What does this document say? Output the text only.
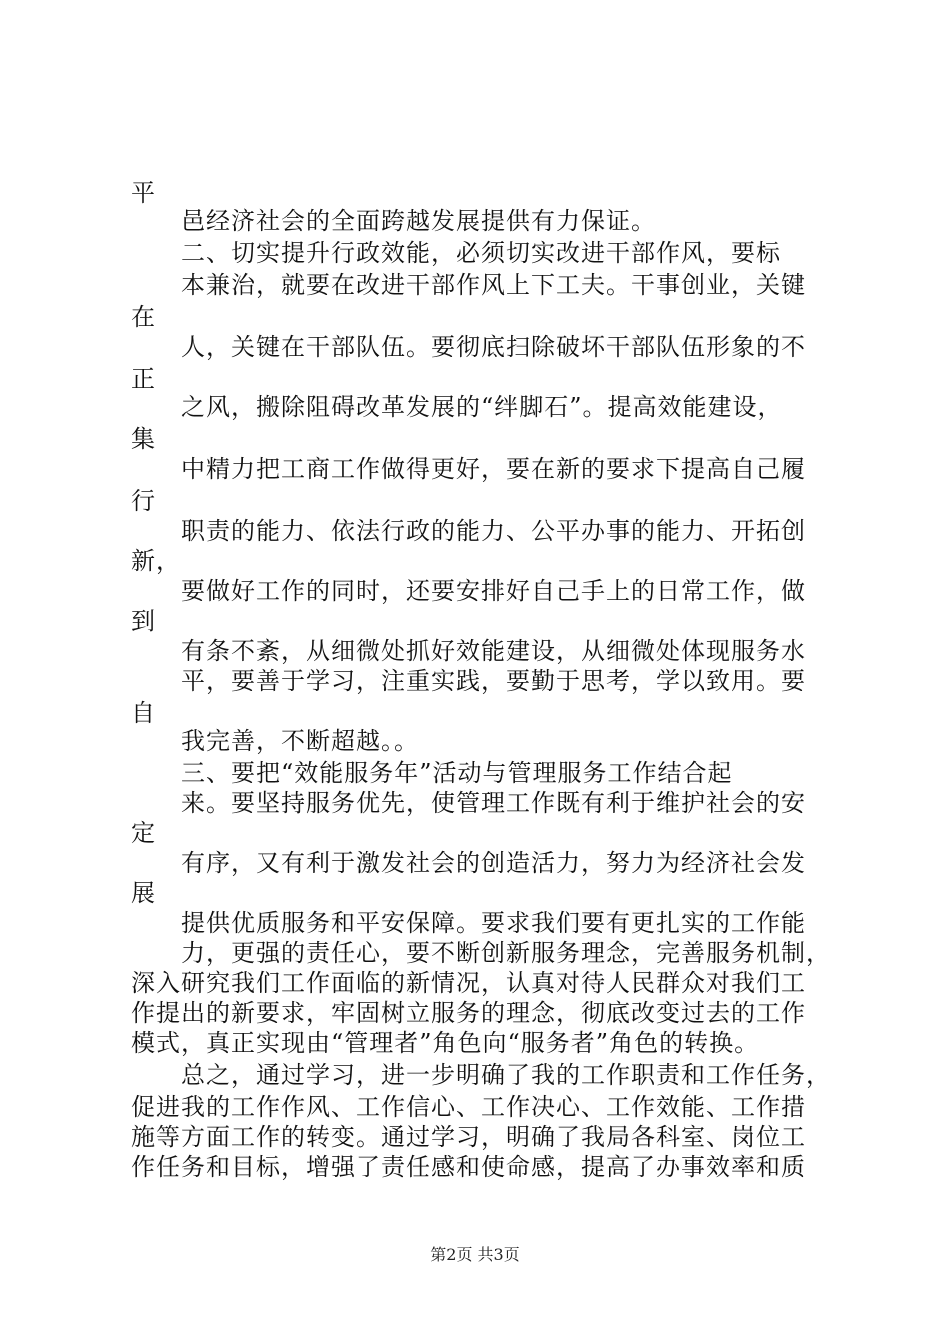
平
邑经济社会的全面跨越发展提供有力保证。
二、切实提升行政效能，必须切实改进干部作风，要标
本兼治，就要在改进干部作风上下工夫。干事创业，关键
在
人，关键在干部队伍。要彻底扫除破坏干部队伍形象的不
正
之风，搬除阻碍改革发展的“绊脚石”。提高效能建设，
集
中精力把工商工作做得更好，要在新的要求下提高自己履
行
职责的能力、依法行政的能力、公平办事的能力、开拓创
新，
要做好工作的同时，还要安排好自己手上的日常工作，做
到
有条不紊，从细微处抓好效能建设，从细微处体现服务水
平，要善于学习，注重实践，要勤于思考，学以致用。要
自
我完善，不断超越。。
三、要把“效能服务年”活动与管理服务工作结合起
来。要坚持服务优先，使管理工作既有利于维护社会的安
定
有序，又有利于激发社会的创造活力，努力为经济社会发
展
提供优质服务和平安保障。要求我们要有更扎实的工作能
力，更强的责任心，要不断创新服务理念，完善服务机制，
深入研究我们工作面临的新情况，认真对待人民群众对我们工
作提出的新要求，牢固树立服务的理念，彻底改变过去的工作
模式，真正实现由“管理者”角色向“服务者”角色的转换。
总之，通过学习，进一步明确了我的工作职责和工作任务，
促进我的工作作风、工作信心、工作决心、工作效能、工作措
施等方面工作的转变。通过学习，明确了我局各科室、岗位工
作任务和目标，增强了责任感和使命感，提高了办事效率和质
第2页 共3页
